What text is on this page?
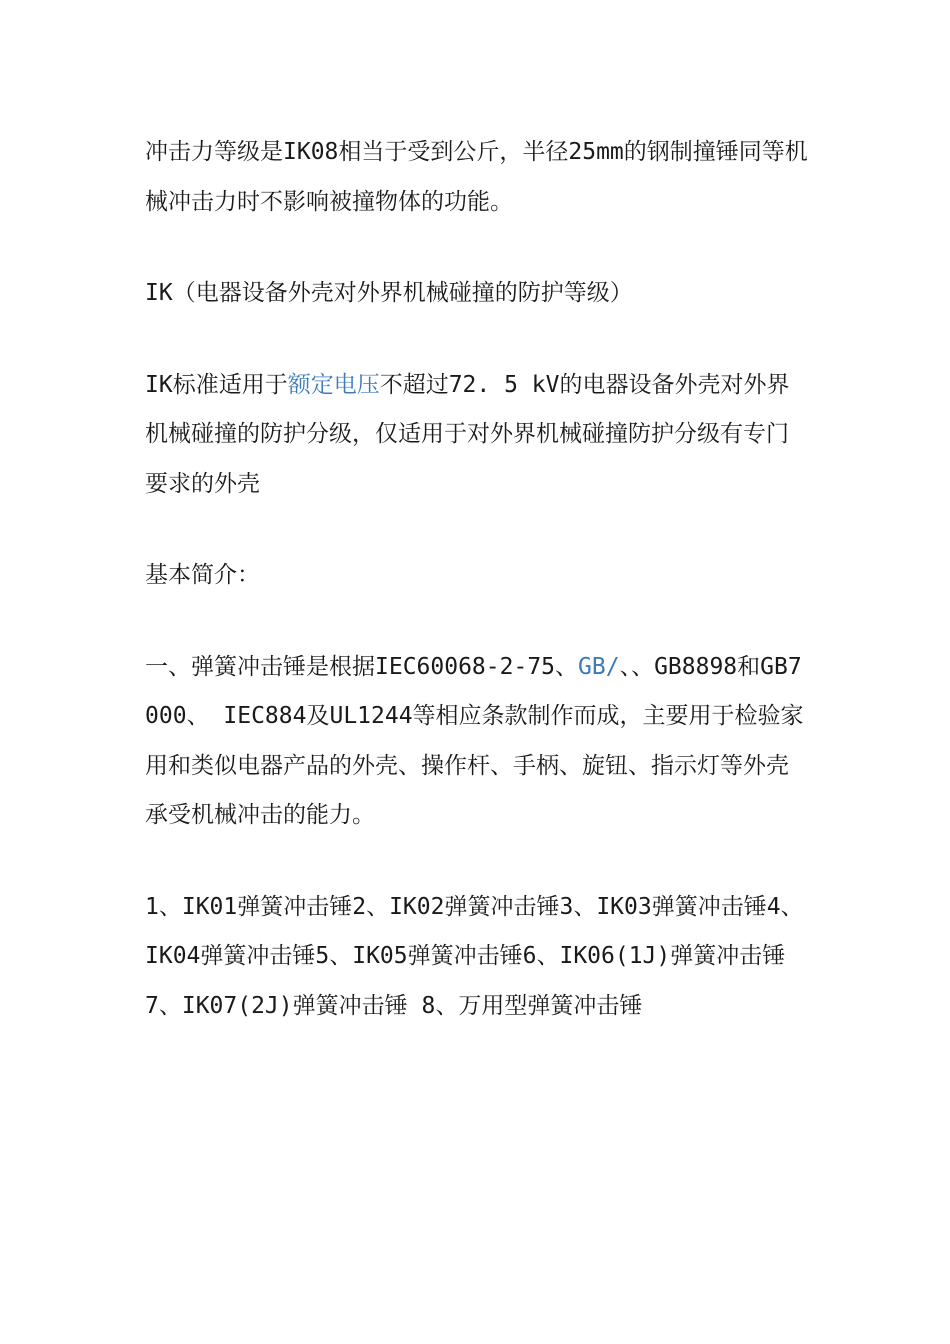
冲击力等级是IK08相当于受到公斤，半径25mm的钢制撞锤同等机械冲击力时不影响被撞物体的功能。

IK（电器设备外壳对外界机械碰撞的防护等级）

IK标准适用于额定电压不超过72. 5 kV的电器设备外壳对外界机械碰撞的防护分级，仅适用于对外界机械碰撞防护分级有专门要求的外壳

基本简介：

一、弹簧冲击锤是根据IEC60068-2-75、GB/、、GB8898和GB7000、 IEC884及UL1244等相应条款制作而成，主要用于检验家用和类似电器产品的外壳、操作杆、手柄、旋钮、指示灯等外壳承受机械冲击的能力。

1、IK01弹簧冲击锤2、IK02弹簧冲击锤3、IK03弹簧冲击锤4、IK04弹簧冲击锤5、IK05弹簧冲击锤6、IK06(1J)弹簧冲击锤7、IK07(2J)弹簧冲击锤 8、万用型弹簧冲击锤
